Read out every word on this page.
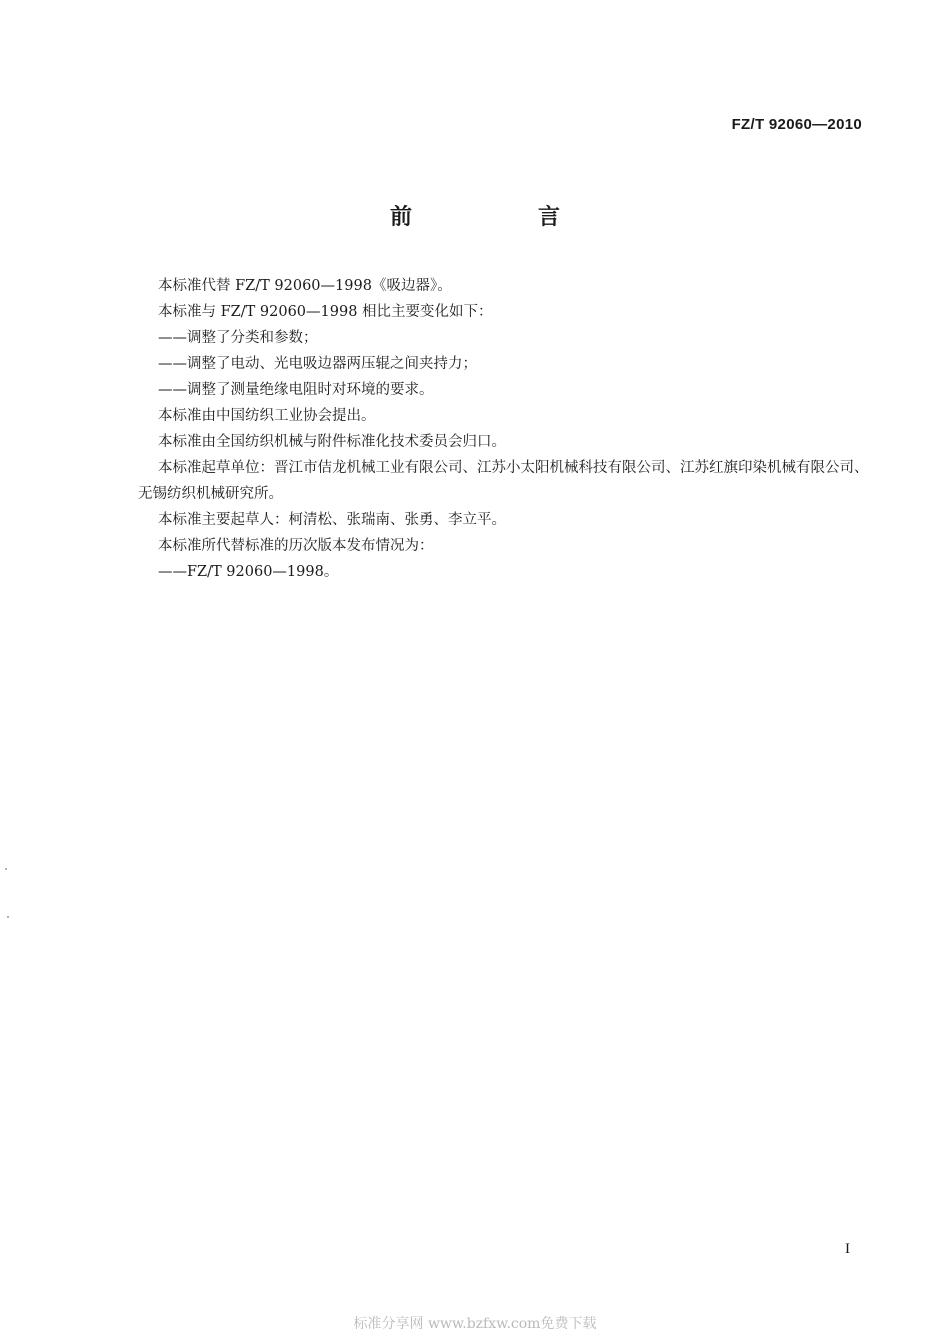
FZ/T 92060—2010
前　言

本标准代替 FZ/T 92060—1998《吸边器》。

本标准与 FZ/T 92060—1998 相比主要变化如下：

——调整了分类和参数；

——调整了电动、光电吸边器两压辊之间夹持力；

——调整了测量绝缘电阻时对环境的要求。

本标准由中国纺织工业协会提出。

本标准由全国纺织机械与附件标准化技术委员会归口。

本标准起草单位：晋江市佶龙机械工业有限公司、江苏小太阳机械科技有限公司、江苏红旗印染机械有限公司、无锡纺织机械研究所。

本标准主要起草人：柯清松、张瑞南、张勇、李立平。

本标准所代替标准的历次版本发布情况为：

——FZ/T 92060—1998。

I
标准分享网 www.bzfxw.com免费下载
